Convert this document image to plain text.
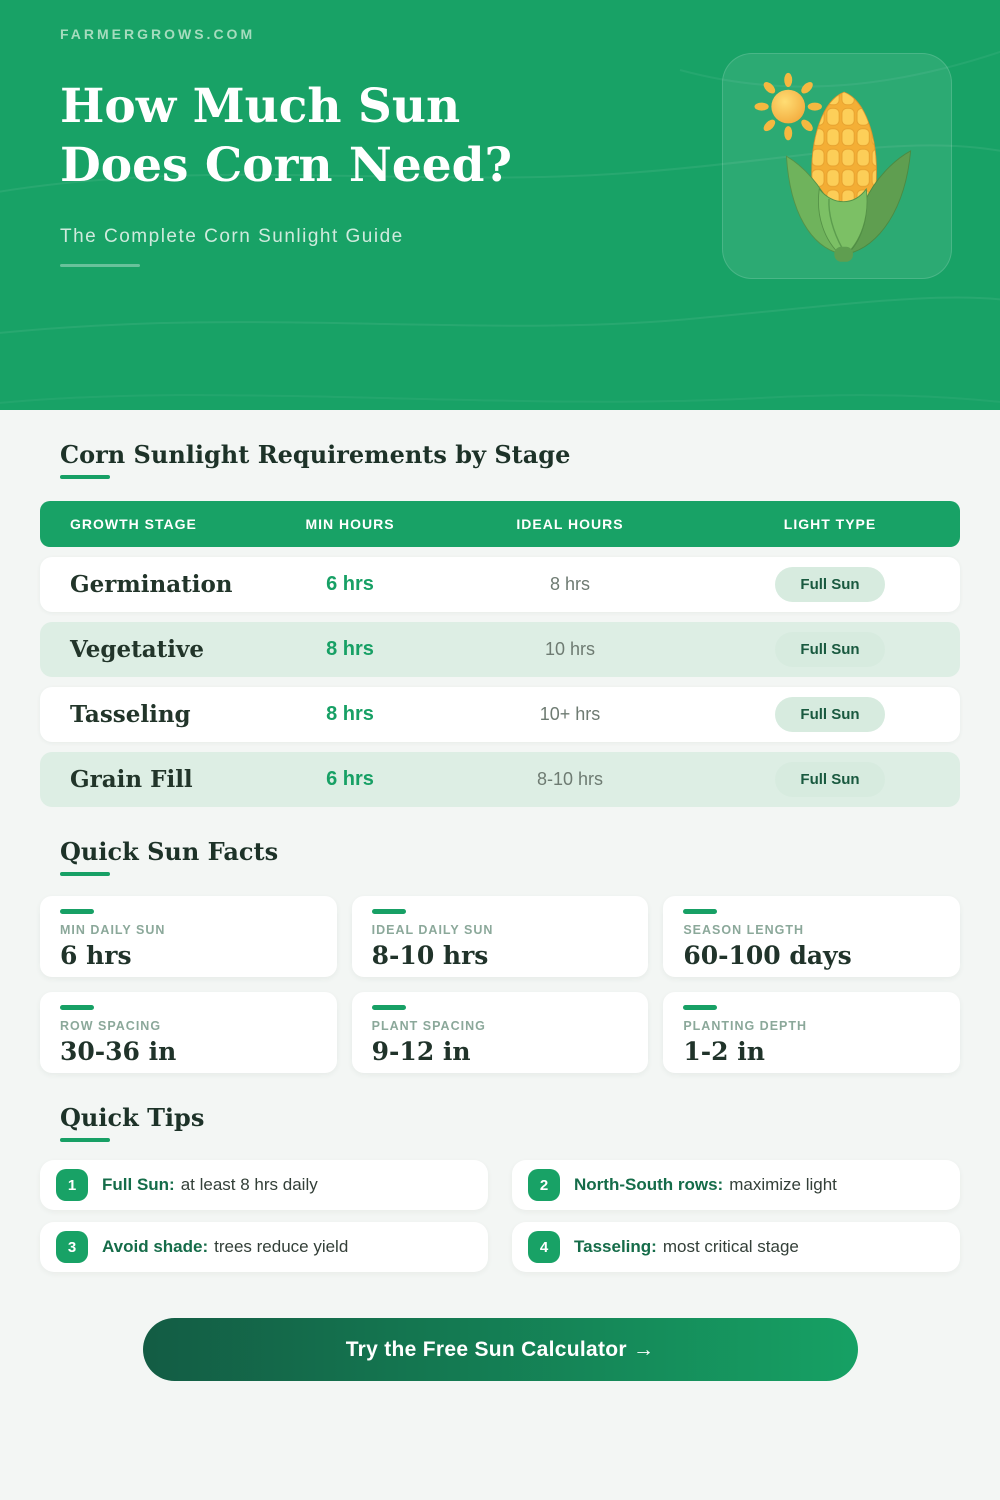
FARMERGROWS.COM
How Much Sun Does Corn Need?
The Complete Corn Sunlight Guide
Corn Sunlight Requirements by Stage
GROWTH STAGE	MIN HOURS	IDEAL HOURS	LIGHT TYPE
Germination	6 hrs	8 hrs	Full Sun
Vegetative	8 hrs	10 hrs	Full Sun
Tasseling	8 hrs	10+ hrs	Full Sun
Grain Fill	6 hrs	8-10 hrs	Full Sun
Quick Sun Facts
MIN DAILY SUN
6 hrs
IDEAL DAILY SUN
8-10 hrs
SEASON LENGTH
60-100 days
ROW SPACING
30-36 in
PLANT SPACING
9-12 in
PLANTING DEPTH
1-2 in
Quick Tips
1	Full Sun: at least 8 hrs daily	2	North-South rows: maximize light
3	Avoid shade: trees reduce yield	4	Tasseling: most critical stage
Try the Free Sun Calculator →
